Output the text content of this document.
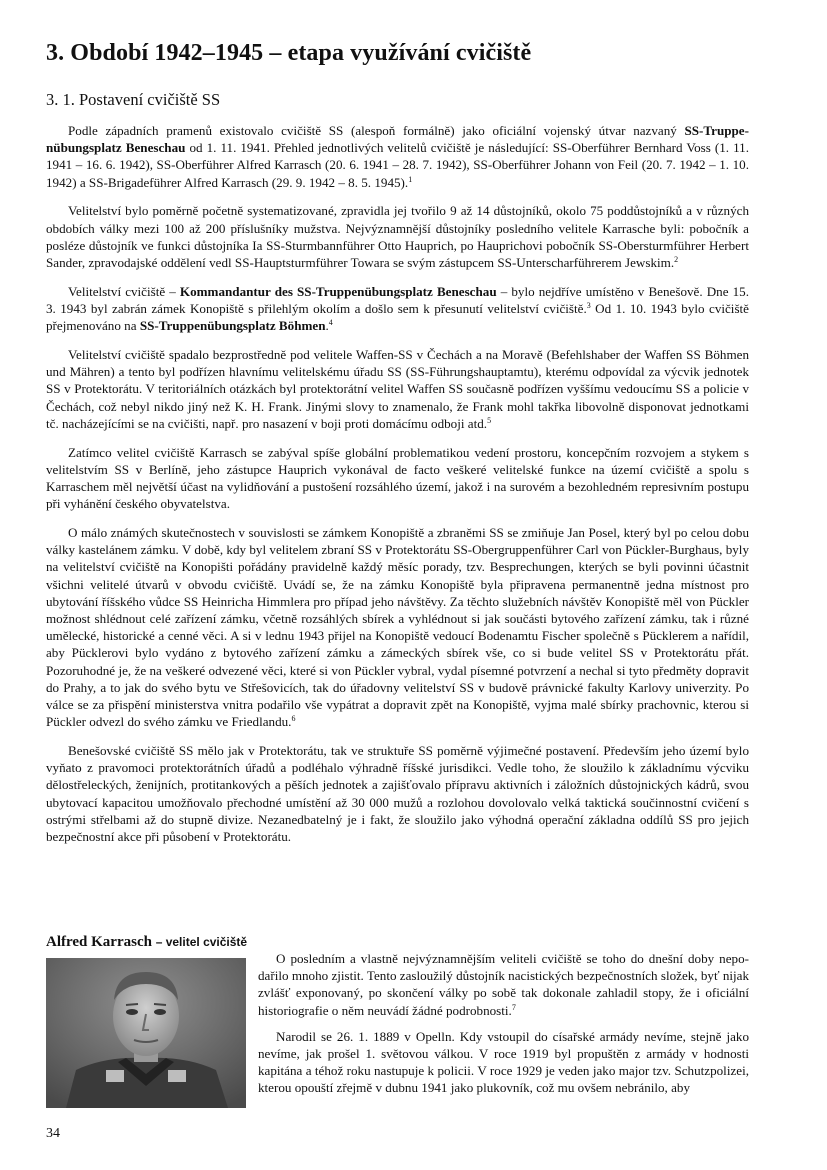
3. Období 1942–1945 – etapa využívání cvičiště
3. 1. Postavení cvičiště SS

Podle západních pramenů existovalo cvičiště SS (alespoň formálně) jako oficiální vojenský útvar nazvaný SS-Truppenübungsplatz Beneschau od 1. 11. 1941. Přehled jednotlivých velitelů cvičiště je následující: SS-Oberführer Bernhard Voss (1. 11. 1941 – 16. 6. 1942), SS-Oberführer Alfred Karrasch (20. 6. 1941 – 28. 7. 1942), SS-Oberführer Johann von Feil (20. 7. 1942 – 1. 10. 1942) a SS-Brigadeführer Alfred Karrasch (29. 9. 1942 – 8. 5. 1945).$^1$

Velitelství bylo poměrně početně systematizované, zpravidla jej tvořilo 9 až 14 důstojníků, okolo 75 poddůstojníků a v různých obdobích války mezi 100 až 200 příslušníky mužstva. Nejvýznamnější důstojníky posledního velitele Karrasche byli: pobočník a posléze důstojník ve funkci důstojníka Ia SS-Sturmbannführer Otto Hauprich, po Hauprichovi pobočník SS-Obersturmführer Herbert Sander, zpravodajské oddělení vedl SS-Hauptsturmführer Towara se svým zástupcem SS-Unterscharführerem Jewskim.$^2$

Velitelství cvičiště – Kommandantur des SS-Truppenübungsplatz Beneschau – bylo nejdříve umístěno v Benešově. Dne 15. 3. 1943 byl zabrán zámek Konopiště s přilehlým okolím a došlo sem k přesunutí velitelství cvičiště.$^3$ Od 1. 10. 1943 bylo cvičiště přejmenováno na SS-Truppenübungsplatz Böhmen.$^4$

Velitelství cvičiště spadalo bezprostředně pod velitele Waffen-SS v Čechách a na Moravě (Befehlshaber der Waffen SS Böhmen und Mähren) a tento byl podřízen hlavnímu velitelskému úřadu SS (SS-Führungshauptamtu), kterému odpovídal za výcvik jednotek SS v Protektorátu. V teritoriálních otázkách byl protektorátní velitel Waffen SS současně podřízen vyššímu vedoucímu SS a policie v Čechách, což nebyl nikdo jiný než K. H. Frank. Jinými slovy to znamenalo, že Frank mohl takřka libovolně disponovat jednotkami tč. nacházejícími se na cvičišti, např. pro nasazení v boji proti domácímu odboji atd.$^5$

Zatímco velitel cvičiště Karrasch se zabýval spíše globální problematikou vedení prostoru, koncepčním rozvojem a stykem s velitelstvím SS v Berlíně, jeho zástupce Hauprich vykonával de facto veškeré velitelské funkce na území cvičiště a spolu s Karraschem měl největší účast na vylidňování a pustošení rozsáhlého území, jakož i na surovém a bezohledném represivním postupu při vyhánění českého obyvatelstva.

O málo známých skutečnostech v souvislosti se zámkem Konopiště a zbraněmi SS se zmiňuje Jan Posel, který byl po celou dobu války kastelánem zámku. V době, kdy byl velitelem zbraní SS v Protektorátu SS-Obergruppenführer Carl von Pückler-Burghaus, byly na velitelství cvičiště na Konopišti pořádány pravidelně každý měsíc porady, tzv. Besprechungen, kterých se byli povinni účastnit všichni velitelé útvarů v obvodu cvičiště. Uvádí se, že na zámku Konopiště byla připravena permanentně jedna místnost pro ubytování říšského vůdce SS Heinricha Himmlera pro případ jeho návštěvy. Za těchto služebních návštěv Konopiště měl von Pückler možnost shlédnout celé zařízení zámku, včetně rozsáhlých sbírek a vyhlédnout si jak součásti bytového zařízení zámku, tak i různé umělecké, historické a cenné věci. A si v lednu 1943 přijel na Konopiště vedoucí Bodenamtu Fischer společně s Pücklerem a nařídil, aby Pücklerovi bylo vydáno z bytového zařízení zámku a zámeckých sbírek vše, co si bude velitel SS v Protektorátu přát. Pozoruhodné je, že na veškeré odvezené věci, které si von Pückler vybral, vydal písemné potvrzení a nechal si tyto předměty dopravit do Prahy, a to jak do svého bytu ve Střešovicích, tak do úřadovny velitelství SS v budově právnické fakulty Karlovy univerzity. Po válce se za přispění ministerstva vnitra podařilo vše vypátrat a dopravit zpět na Konopiště, vyjma malé sbírky prachovnic, kterou si Pückler odvezl do svého zámku ve Friedlandu.$^6$

Benešovské cvičiště SS mělo jak v Protektorátu, tak ve struktuře SS poměrně výjimečné postavení. Především jeho území bylo vyňato z pravomoci protektorátních úřadů a podléhalo výhradně říšské jurisdikci. Vedle toho, že sloužilo k základnímu výcviku dělostřeleckých, ženijních, protitankových a pěších jednotek a zajišťovalo přípravu aktivních i záložních důstojnických kádrů, svou ubytovací kapacitou umožňovalo přechodné umístění až 30 000 mužů a rozlohou dovolovalo velká taktická součinnostní cvičení s ostrými střelbami až do stupně divize. Nezanedbatelný je i fakt, že sloužilo jako výhodná operační základna oddílů SS pro jejich bezpečnostní akce při působení v Protektorátu.

Alfred Karrasch – velitel cvičiště

O posledním a vlastně nejvýznamnějším veliteli cvičiště se toho do dnešní doby nepodařilo mnoho zjistit. Tento zasloužilý důstojník nacistických bezpečnostních složek, byť nijak zvlášť exponovaný, po skončení války po sobě tak dokonale zahladil stopy, že i oficiální historiografie o něm neuvádí žádné podrobnosti.$^7$

Narodil se 26. 1. 1889 v Opelln. Kdy vstoupil do císařské armády nevíme, stejně jako nevíme, jak prošel 1. světovou válkou. V roce 1919 byl propuštěn z armády v hodnosti kapitána a téhož roku nastupuje k policii. V roce 1929 je veden jako major tzv. Schutzpolizei, kterou opouští zřejmě v dubnu 1941 jako plukovník, což mu ovšem nebránilo, aby

34
